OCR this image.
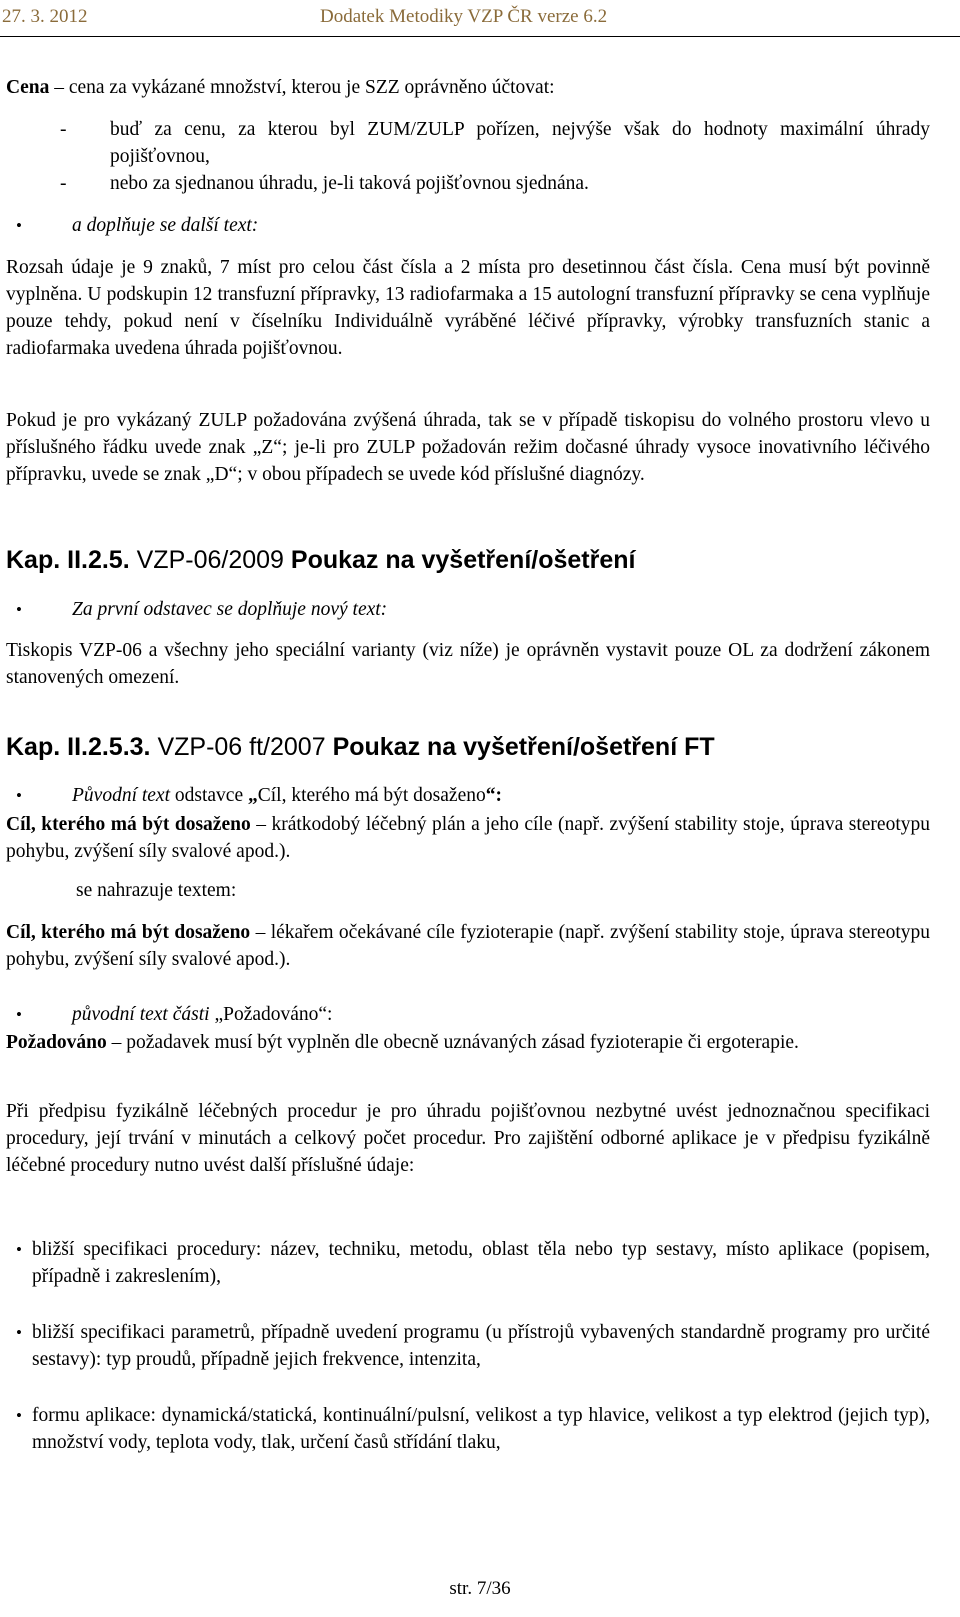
27. 3. 2012	Dodatek Metodiky VZP ČR verze 6.2
Cena – cena za vykázané množství, kterou je SZZ oprávněno účtovat:
- buď za cenu, za kterou byl ZUM/ZULP pořízen, nejvýše však do hodnoty maximální úhrady pojišťovnou,
- nebo za sjednanou úhradu, je-li taková pojišťovnou sjednána.
•	a doplňuje se další text:
Rozsah údaje je 9 znaků, 7 míst pro celou část čísla a 2 místa pro desetinnou část čísla. Cena musí být povinně vyplněna. U podskupin 12 transfuzní přípravky, 13 radiofarmaka a 15 autologní transfuzní přípravky se cena vyplňuje pouze tehdy, pokud není v číselníku Individuálně vyráběné léčivé přípravky, výrobky transfuzních stanic a radiofarmaka uvedena úhrada pojišťovnou.
Pokud je pro vykázaný ZULP požadována zvýšená úhrada, tak se v případě tiskopisu do volného prostoru vlevo u příslušného řádku uvede znak „Z“; je-li pro ZULP požadován režim dočasné úhrady vysoce inovativního léčivého přípravku, uvede se znak „D“; v obou případech se uvede kód příslušné diagnózy.
Kap. II.2.5. VZP-06/2009 Poukaz na vyšetření/ošetření
•	Za první odstavec se doplňuje nový text:
Tiskopis VZP-06 a všechny jeho speciální varianty (viz níže) je oprávněn vystavit pouze OL za dodržení zákonem stanovených omezení.
Kap. II.2.5.3. VZP-06 ft/2007 Poukaz na vyšetření/ošetření FT
•	Původní text odstavce „Cíl, kterého má být dosaženo“:
Cíl, kterého má být dosaženo – krátkodobý léčebný plán a jeho cíle (např. zvýšení stability stoje, úprava stereotypu pohybu, zvýšení síly svalové apod.).
se nahrazuje textem:
Cíl, kterého má být dosaženo – lékařem očekávané cíle fyzioterapie (např. zvýšení stability stoje, úprava stereotypu pohybu, zvýšení síly svalové apod.).
•	původní text části „Požadováno“:
Požadováno – požadavek musí být vyplněn dle obecně uznávaných zásad fyzioterapie či ergoterapie.
Při předpisu fyzikálně léčebných procedur je pro úhradu pojišťovnou nezbytné uvést jednoznačnou specifikaci procedury, její trvání v minutách a celkový počet procedur. Pro zajištění odborné aplikace je v předpisu fyzikálně léčebné procedury nutno uvést další příslušné údaje:
• bližší specifikaci procedury: název, techniku, metodu, oblast těla nebo typ sestavy, místo aplikace (popisem, případně i zakreslením),
• bližší specifikaci parametrů, případně uvedení programu (u přístrojů vybavených standardně programy pro určité sestavy): typ proudů, případně jejich frekvence, intenzita,
• formu aplikace: dynamická/statická, kontinuální/pulsní, velikost a typ hlavice, velikost a typ elektrod (jejich typ), množství vody, teplota vody, tlak, určení časů střídání tlaku,
str. 7/36
